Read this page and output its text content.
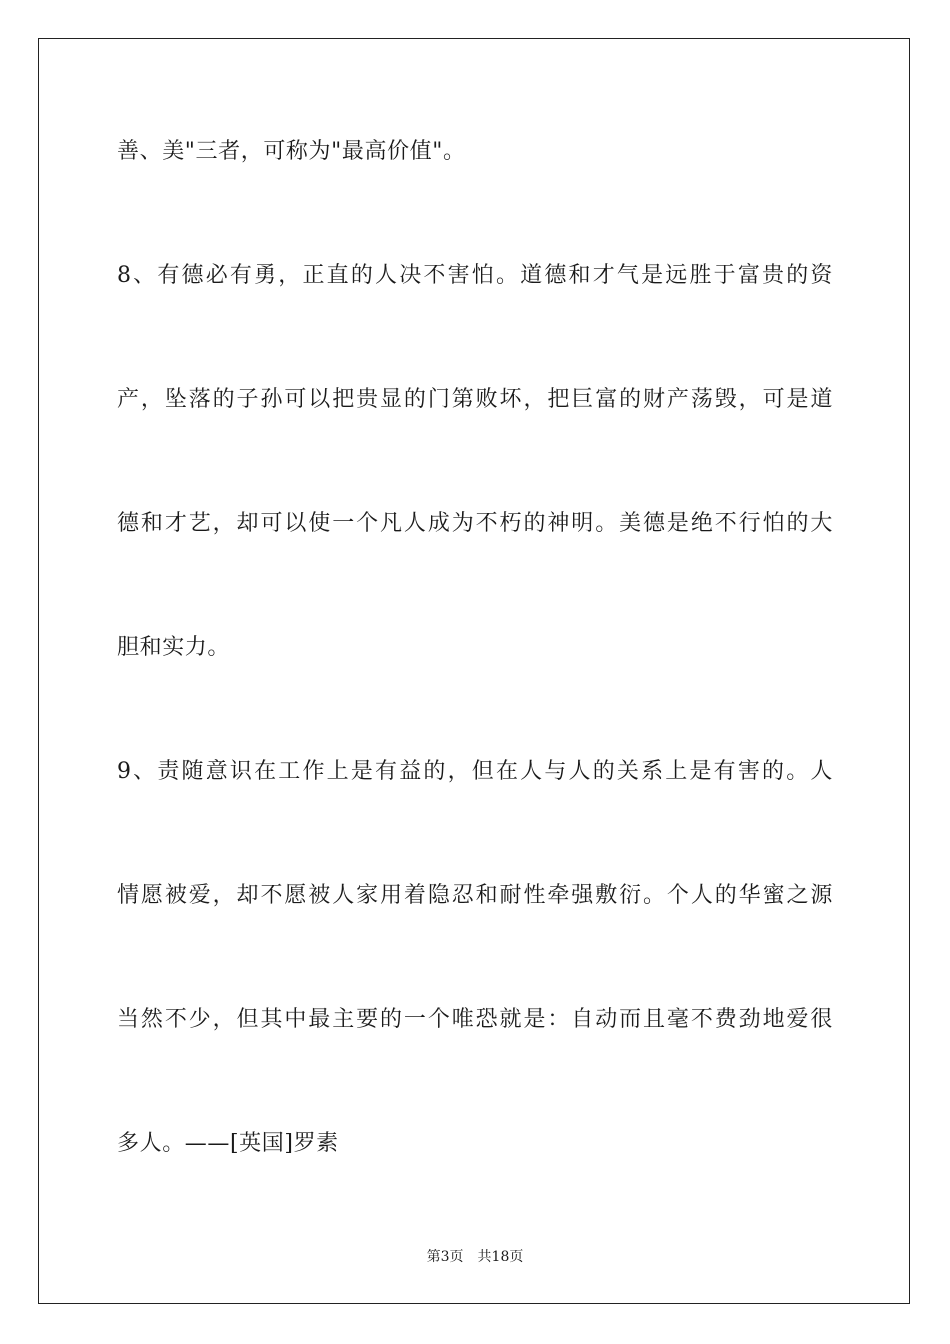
善、美"三者，可称为"最高价值"。
8、有德必有勇，正直的人决不害怕。道德和才气是远胜于富贵的资
产，坠落的子孙可以把贵显的门第败坏，把巨富的财产荡毁，可是道
德和才艺，却可以使一个凡人成为不朽的神明。美德是绝不行怕的大
胆和实力。
9、责随意识在工作上是有益的，但在人与人的关系上是有害的。人
情愿被爱，却不愿被人家用着隐忍和耐性牵强敷衍。个人的华蜜之源
当然不少，但其中最主要的一个唯恐就是：自动而且毫不费劲地爱很
多人。——[英国]罗素
第3页 共18页
